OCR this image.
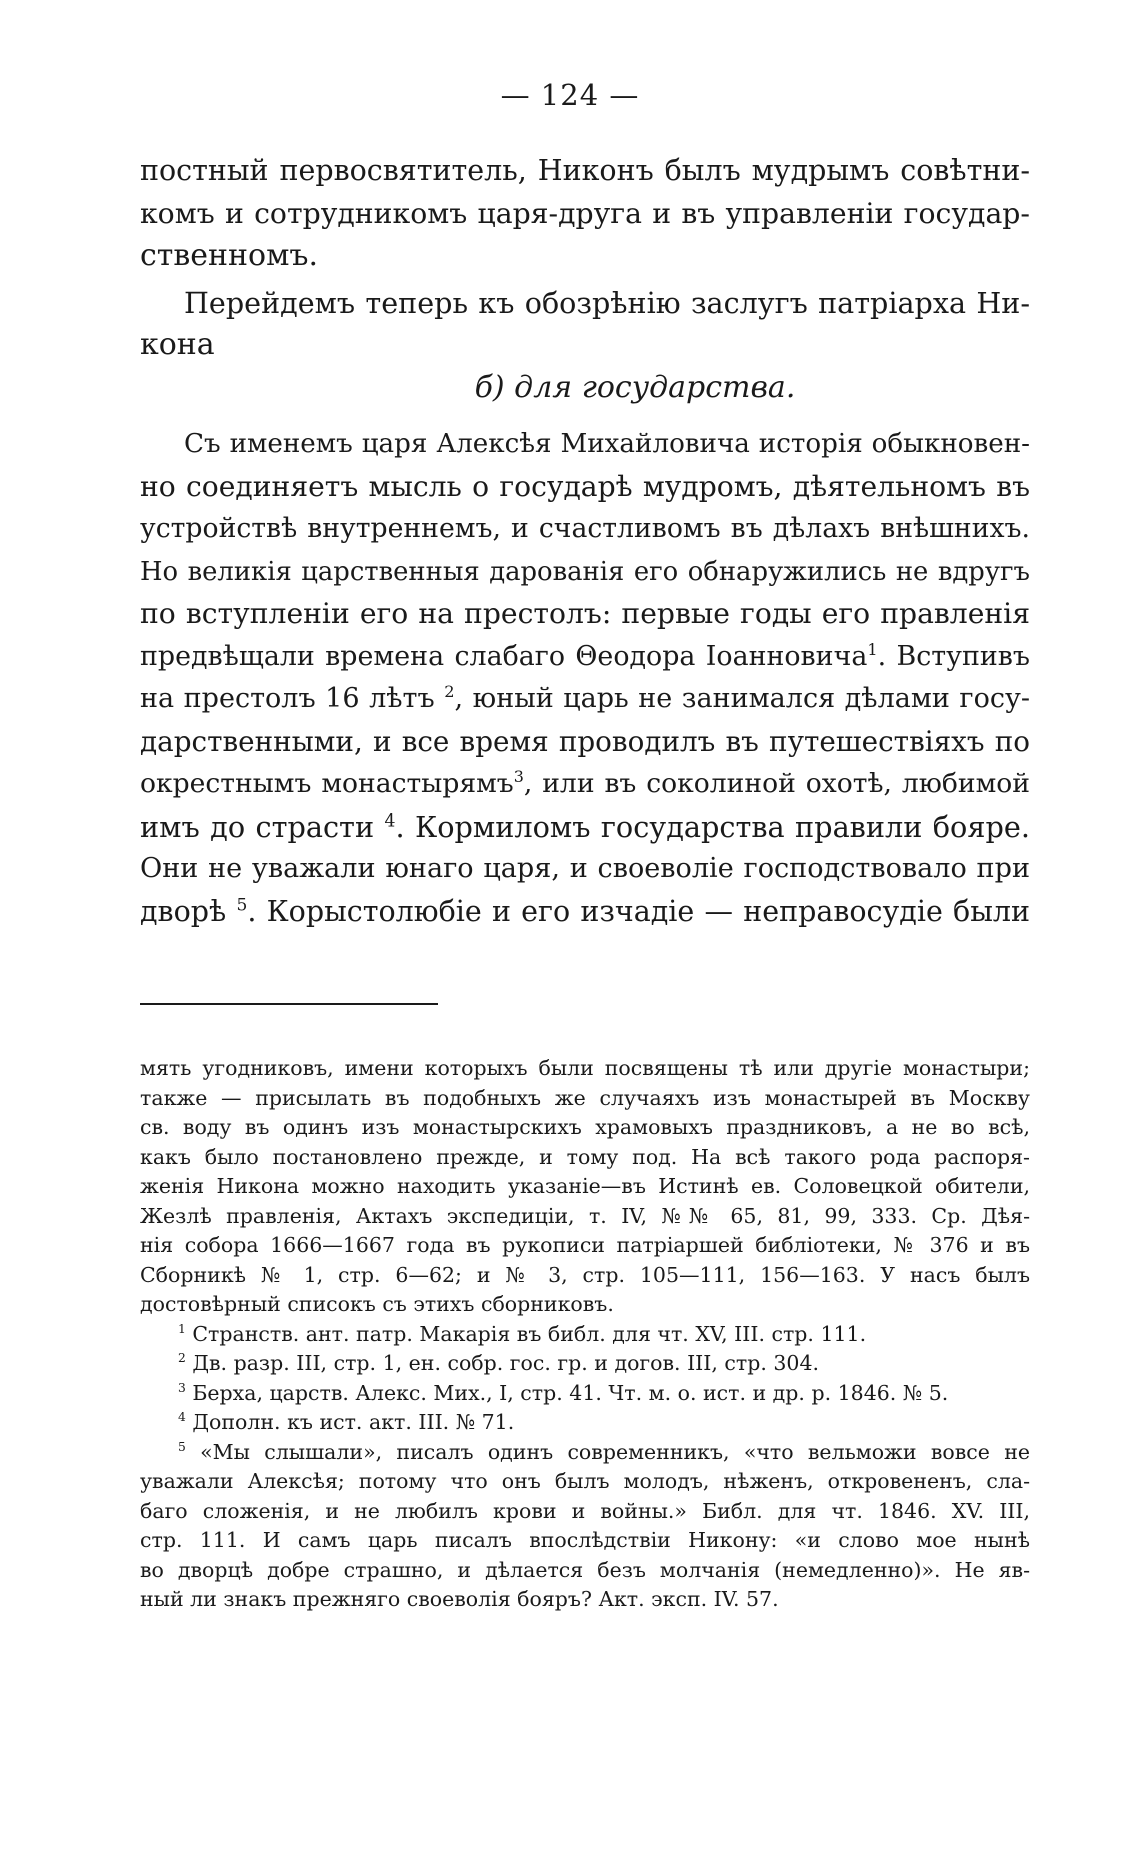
— 124 —
постный первосвятитель, Никонъ былъ мудрымъ совѣтни-
комъ и сотрудникомъ царя-друга и въ управленіи государ-
ственномъ.
Перейдемъ теперь къ обозрѣнію заслугъ патріарха Ни-
кона
б) для государства.
Съ именемъ царя Алексѣя Михайловича исторія обыкновен-
но соединяетъ мысль о государѣ мудромъ, дѣятельномъ въ
устройствѣ внутреннемъ, и счастливомъ въ дѣлахъ внѣшнихъ.
Но великія царственныя дарованія его обнаружились не вдругъ
по вступленіи его на престолъ: первые годы его правленія
предвѣщали времена слабаго Θеодора Іоанновича$^1$. Вступивъ
на престолъ 16 лѣтъ $^2$, юный царь не занимался дѣлами госу-
дарственными, и все время проводилъ въ путешествіяхъ по
окрестнымъ монастырямъ$^3$, или въ соколиной охотѣ, любимой
имъ до страсти $^4$. Кормиломъ государства правили бояре.
Они не уважали юнаго царя, и своеволіе господствовало при
дворѣ $^5$. Корыстолюбіе и его изчадіе — неправосудіе были
мять угодниковъ, имени которыхъ были посвящены тѣ или другіе монастыри;
также — присылать въ подобныхъ же случаяхъ изъ монастырей въ Москву
св. воду въ одинъ изъ монастырскихъ храмовыхъ праздниковъ, а не во всѣ,
какъ было постановлено прежде, и тому под. На всѣ такого рода распоря-
женія Никона можно находить указаніе—въ Истинѣ ев. Соловецкой обители,
Жезлѣ правленія, Актахъ экспедиціи, т. IV, №№ 65, 81, 99, 333. Ср. Дѣя-
нія собора 1666—1667 года въ рукописи патріаршей библіотеки, № 376 и въ
Сборникѣ № 1, стр. 6—62; и № 3, стр. 105—111, 156—163. У насъ былъ
достовѣрный списокъ съ этихъ сборниковъ.
$^1$ Странств. ант. патр. Макарія въ библ. для чт. XV, III. стр. 111.
$^2$ Дв. разр. III, стр. 1, ен. собр. гос. гр. и догов. III, стр. 304.
$^3$ Берха, царств. Алекс. Мих., I, стр. 41. Чт. м. о. ист. и др. р. 1846. № 5.
$^4$ Дополн. къ ист. акт. III. № 71.
$^5$ «Мы слышали», писалъ одинъ современникъ, «что вельможи вовсе не
уважали Алексѣя; потому что онъ былъ молодъ, нѣженъ, откровененъ, сла-
баго сложенія, и не любилъ крови и войны.» Библ. для чт. 1846. XV. III,
стр. 111. И самъ царь писалъ впослѣдствіи Никону: «и слово мое нынѣ
во дворцѣ добре страшно, и дѣлается безъ молчанія (немедленно)». Не яв-
ный ли знакъ прежняго своеволія бояръ? Акт. эксп. IV. 57.
